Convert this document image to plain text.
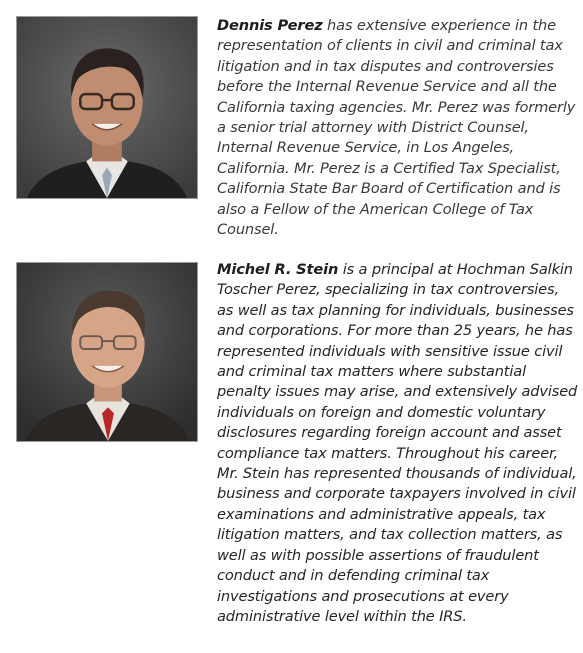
Dennis Perez has extensive experience in the representation of clients in civil and criminal tax litigation and in tax disputes and controversies before the Internal Revenue Service and all the California taxing agencies. Mr. Perez was formerly a senior trial attorney with District Counsel, Internal Revenue Service, in Los Angeles, California. Mr. Perez is a Certified Tax Specialist, California State Bar Board of Certification and is also a Fellow of the American College of Tax Counsel.

Michel R. Stein is a principal at Hochman Salkin Toscher Perez, specializing in tax controversies, as well as tax planning for individuals, businesses and corporations. For more than 25 years, he has represented individuals with sensitive issue civil and criminal tax matters where substantial penalty issues may arise, and extensively advised individuals on foreign and domestic voluntary disclosures regarding foreign account and asset compliance tax matters. Throughout his career, Mr. Stein has represented thousands of individual, business and corporate taxpayers involved in civil examinations and administrative appeals, tax litigation matters, and tax collection matters, as well as with possible assertions of fraudulent conduct and in defending criminal tax investigations and prosecutions at every administrative level within the IRS.
